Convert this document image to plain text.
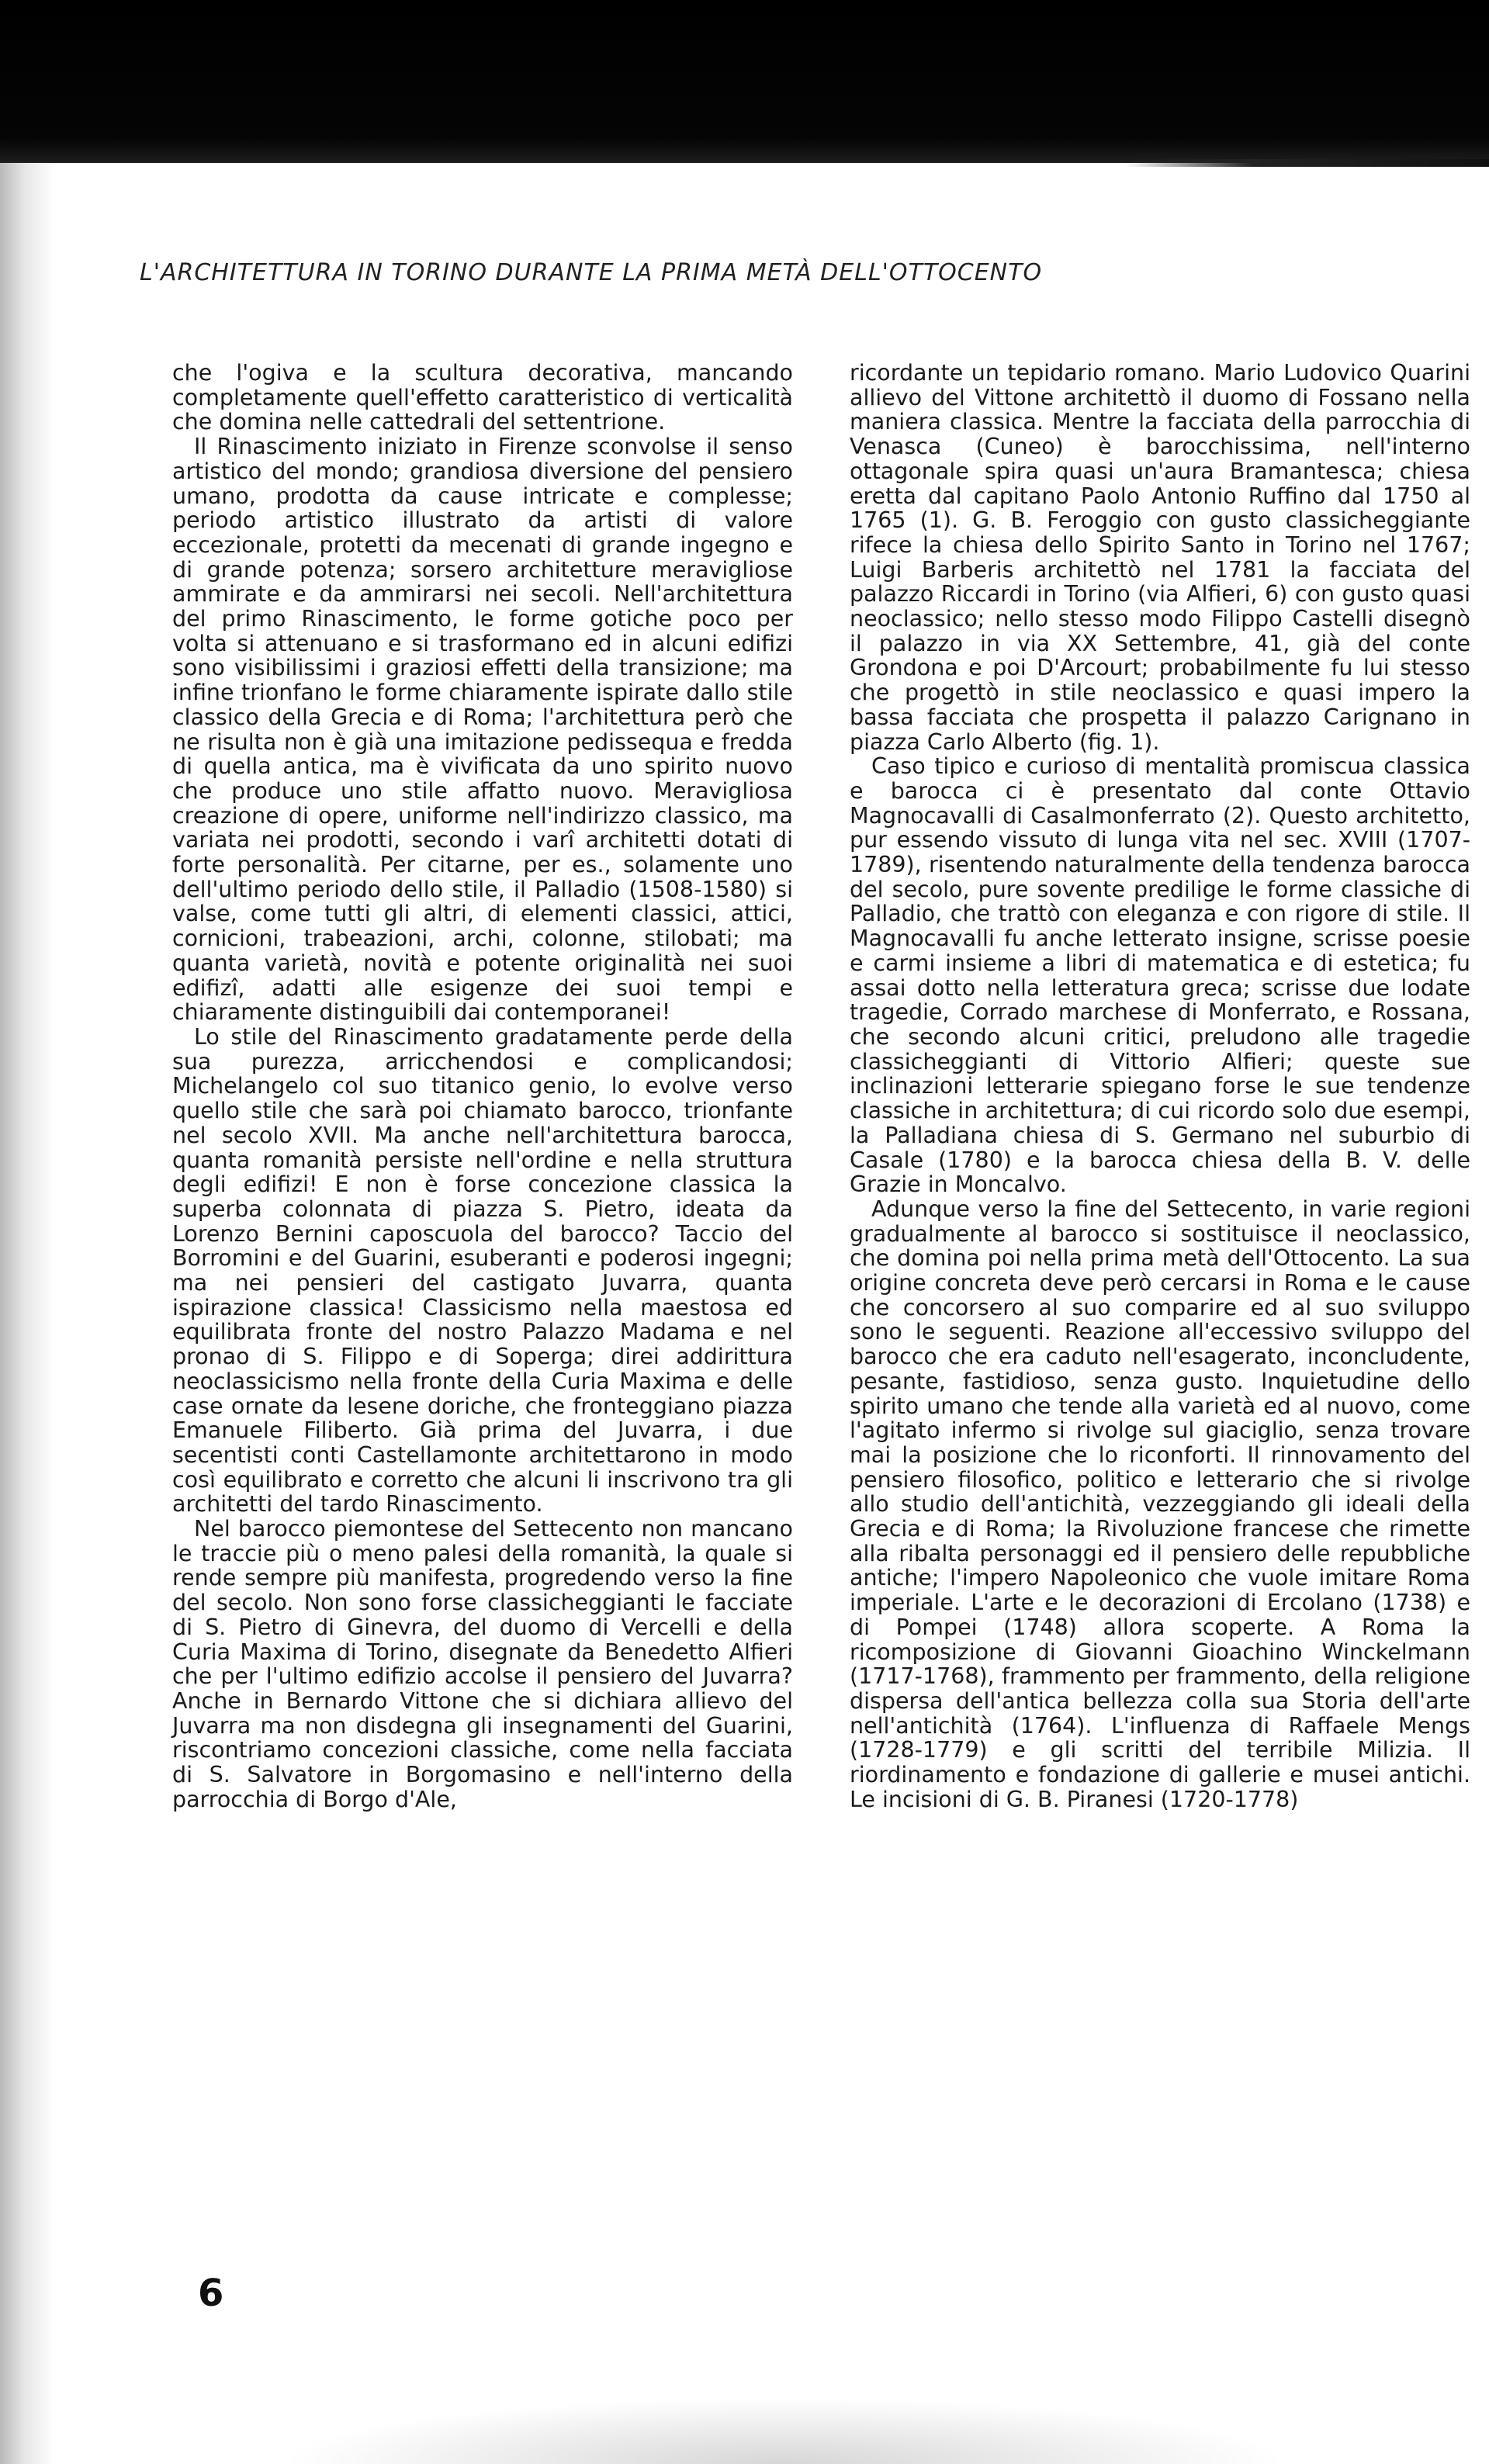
L'ARCHITETTURA IN TORINO DURANTE LA PRIMA METÀ DELL'OTTOCENTO

che l'ogiva e la scultura decorativa, mancando completamente quell'effetto caratteristico di verticalità che domina nelle cattedrali del settentrione.

Il Rinascimento iniziato in Firenze sconvolse il senso artistico del mondo; grandiosa diversione del pensiero umano, prodotta da cause intricate e complesse; periodo artistico illustrato da artisti di valore eccezionale, protetti da mecenati di grande ingegno e di grande potenza; sorsero architetture meravigliose ammirate e da ammirarsi nei secoli. Nell'architettura del primo Rinascimento, le forme gotiche poco per volta si attenuano e si trasformano ed in alcuni edifizi sono visibilissimi i graziosi effetti della transizione; ma infine trionfano le forme chiaramente ispirate dallo stile classico della Grecia e di Roma; l'architettura però che ne risulta non è già una imitazione pedissequa e fredda di quella antica, ma è vivificata da uno spirito nuovo che produce uno stile affatto nuovo. Meravigliosa creazione di opere, uniforme nell'indirizzo classico, ma variata nei prodotti, secondo i varî architetti dotati di forte personalità. Per citarne, per es., solamente uno dell'ultimo periodo dello stile, il Palladio (1508-1580) si valse, come tutti gli altri, di elementi classici, attici, cornicioni, trabeazioni, archi, colonne, stilobati; ma quanta varietà, novità e potente originalità nei suoi edifizî, adatti alle esigenze dei suoi tempi e chiaramente distinguibili dai contemporanei!

Lo stile del Rinascimento gradatamente perde della sua purezza, arricchendosi e complicandosi; Michelangelo col suo titanico genio, lo evolve verso quello stile che sarà poi chiamato barocco, trionfante nel secolo XVII. Ma anche nell'architettura barocca, quanta romanità persiste nell'ordine e nella struttura degli edifizi! E non è forse concezione classica la superba colonnata di piazza S. Pietro, ideata da Lorenzo Bernini caposcuola del barocco? Taccio del Borromini e del Guarini, esuberanti e poderosi ingegni; ma nei pensieri del castigato Juvarra, quanta ispirazione classica! Classicismo nella maestosa ed equilibrata fronte del nostro Palazzo Madama e nel pronao di S. Filippo e di Soperga; direi addirittura neoclassicismo nella fronte della Curia Maxima e delle case ornate da lesene doriche, che fronteggiano piazza Emanuele Filiberto. Già prima del Juvarra, i due secentisti conti Castellamonte architettarono in modo così equilibrato e corretto che alcuni li inscrivono tra gli architetti del tardo Rinascimento.

Nel barocco piemontese del Settecento non mancano le traccie più o meno palesi della romanità, la quale si rende sempre più manifesta, progredendo verso la fine del secolo. Non sono forse classicheggianti le facciate di S. Pietro di Ginevra, del duomo di Vercelli e della Curia Maxima di Torino, disegnate da Benedetto Alfieri che per l'ultimo edifizio accolse il pensiero del Juvarra? Anche in Bernardo Vittone che si dichiara allievo del Juvarra ma non disdegna gli insegnamenti del Guarini, riscontriamo concezioni classiche, come nella facciata di S. Salvatore in Borgomasino e nell'interno della parrocchia di Borgo d'Ale,

ricordante un tepidario romano. Mario Ludovico Quarini allievo del Vittone architettò il duomo di Fossano nella maniera classica. Mentre la facciata della parrocchia di Venasca (Cuneo) è barocchissima, nell'interno ottagonale spira quasi un'aura Bramantesca; chiesa eretta dal capitano Paolo Antonio Ruffino dal 1750 al 1765 (1). G. B. Feroggio con gusto classicheggiante rifece la chiesa dello Spirito Santo in Torino nel 1767; Luigi Barberis architettò nel 1781 la facciata del palazzo Riccardi in Torino (via Alfieri, 6) con gusto quasi neoclassico; nello stesso modo Filippo Castelli disegnò il palazzo in via XX Settembre, 41, già del conte Grondona e poi D'Arcourt; probabilmente fu lui stesso che progettò in stile neoclassico e quasi impero la bassa facciata che prospetta il palazzo Carignano in piazza Carlo Alberto (fig. 1).

Caso tipico e curioso di mentalità promiscua classica e barocca ci è presentato dal conte Ottavio Magnocavalli di Casalmonferrato (2). Questo architetto, pur essendo vissuto di lunga vita nel sec. XVIII (1707-1789), risentendo naturalmente della tendenza barocca del secolo, pure sovente predilige le forme classiche di Palladio, che trattò con eleganza e con rigore di stile. Il Magnocavalli fu anche letterato insigne, scrisse poesie e carmi insieme a libri di matematica e di estetica; fu assai dotto nella letteratura greca; scrisse due lodate tragedie, Corrado marchese di Monferrato, e Rossana, che secondo alcuni critici, preludono alle tragedie classicheggianti di Vittorio Alfieri; queste sue inclinazioni letterarie spiegano forse le sue tendenze classiche in architettura; di cui ricordo solo due esempi, la Palladiana chiesa di S. Germano nel suburbio di Casale (1780) e la barocca chiesa della B. V. delle Grazie in Moncalvo.

Adunque verso la fine del Settecento, in varie regioni gradualmente al barocco si sostituisce il neoclassico, che domina poi nella prima metà dell'Ottocento. La sua origine concreta deve però cercarsi in Roma e le cause che concorsero al suo comparire ed al suo sviluppo sono le seguenti. Reazione all'eccessivo sviluppo del barocco che era caduto nell'esagerato, inconcludente, pesante, fastidioso, senza gusto. Inquietudine dello spirito umano che tende alla varietà ed al nuovo, come l'agitato infermo si rivolge sul giaciglio, senza trovare mai la posizione che lo riconforti. Il rinnovamento del pensiero filosofico, politico e letterario che si rivolge allo studio dell'antichità, vezzeggiando gli ideali della Grecia e di Roma; la Rivoluzione francese che rimette alla ribalta personaggi ed il pensiero delle repubbliche antiche; l'impero Napoleonico che vuole imitare Roma imperiale. L'arte e le decorazioni di Ercolano (1738) e di Pompei (1748) allora scoperte. A Roma la ricomposizione di Giovanni Gioachino Winckelmann (1717-1768), frammento per frammento, della religione dispersa dell'antica bellezza colla sua Storia dell'arte nell'antichità (1764). L'influenza di Raffaele Mengs (1728-1779) e gli scritti del terribile Milizia. Il riordinamento e fondazione di gallerie e musei antichi. Le incisioni di G. B. Piranesi (1720-1778)

6
